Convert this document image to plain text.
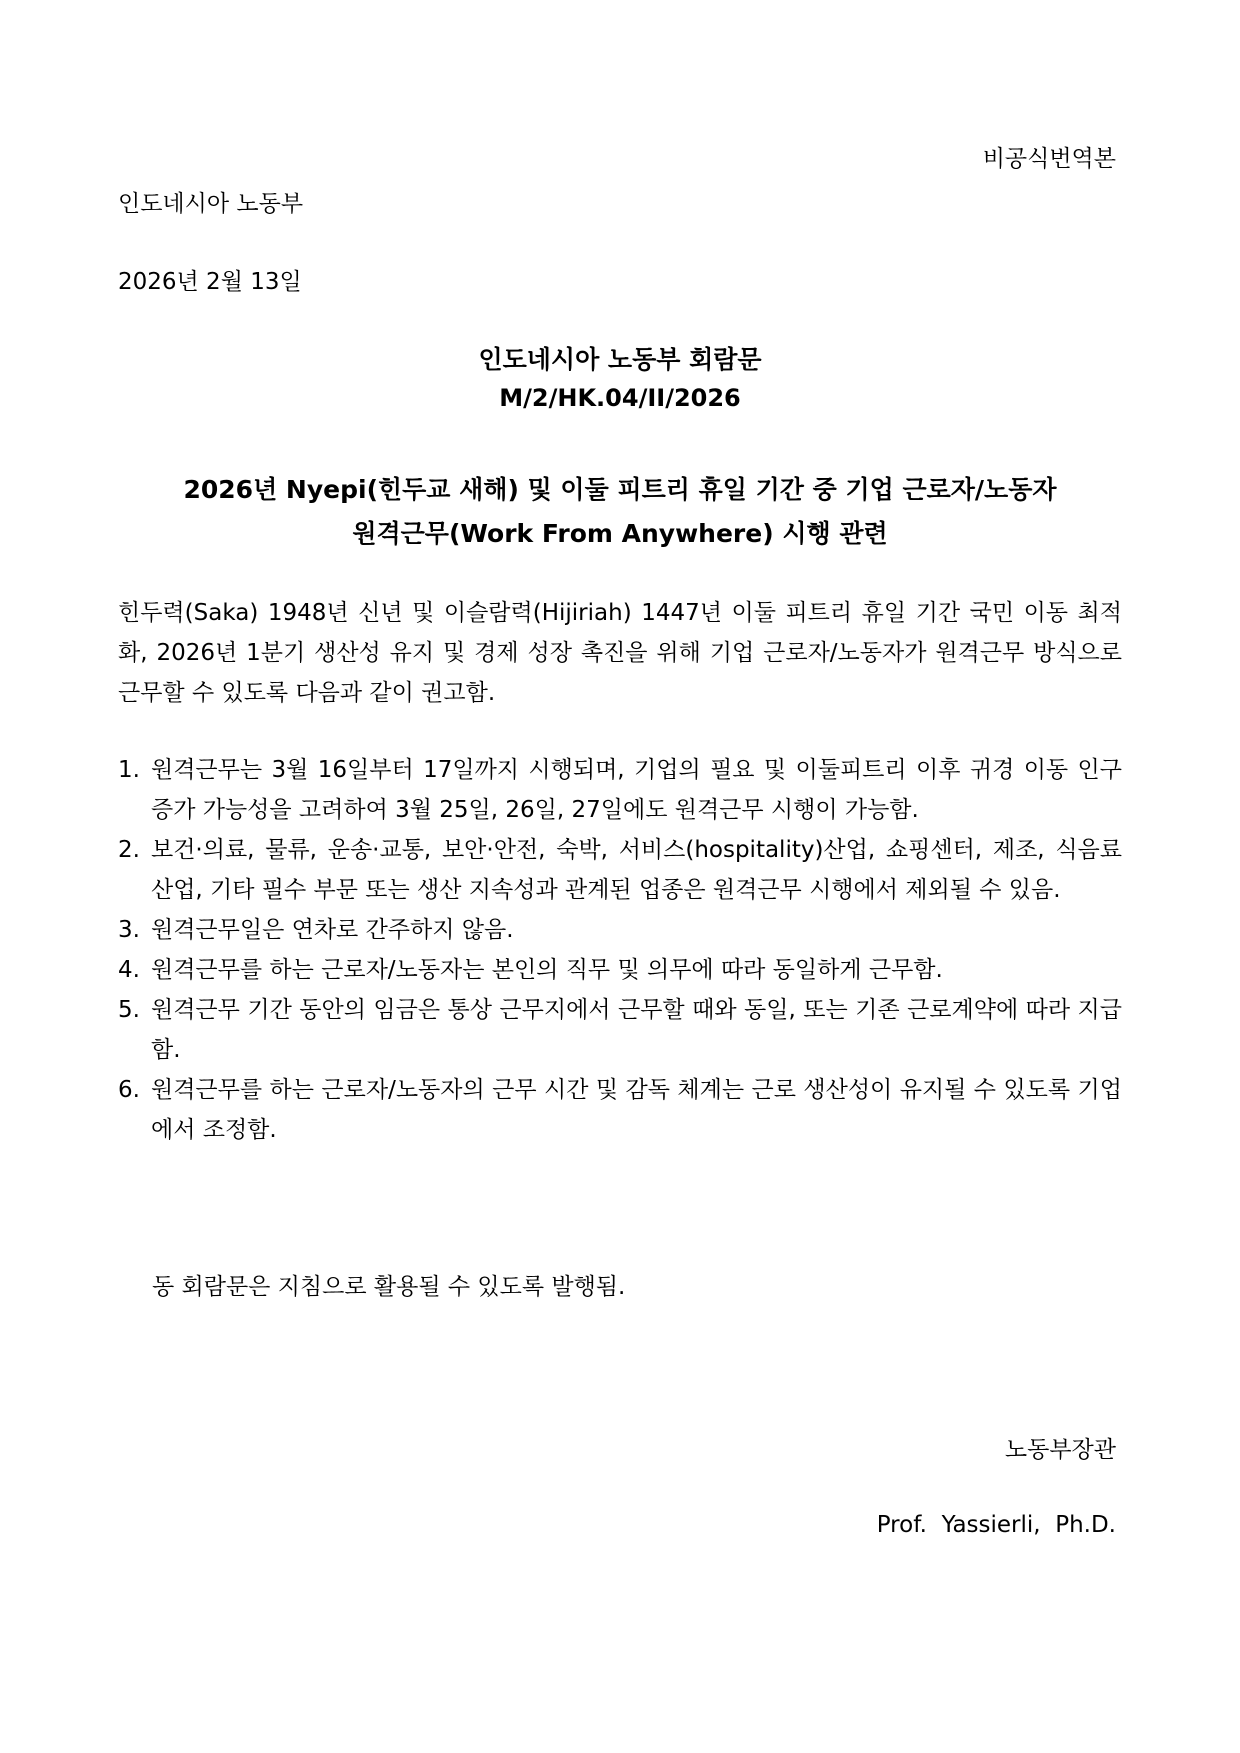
비공식번역본
인도네시아 노동부
2026년 2월 13일
인도네시아 노동부 회람문
M/2/HK.04/II/2026
2026년 Nyepi(힌두교 새해) 및 이둘 피트리 휴일 기간 중 기업 근로자/노동자
원격근무(Work From Anywhere) 시행 관련

힌두력(Saka) 1948년 신년 및 이슬람력(Hijiriah) 1447년 이둘 피트리 휴일 기간 국민 이동 최적화, 2026년 1분기 생산성 유지 및 경제 성장 촉진을 위해 기업 근로자/노동자가 원격근무 방식으로 근무할 수 있도록 다음과 같이 권고함.

1. 원격근무는 3월 16일부터 17일까지 시행되며, 기업의 필요 및 이둘피트리 이후 귀경 이동 인구 증가 가능성을 고려하여 3월 25일, 26일, 27일에도 원격근무 시행이 가능함.
2. 보건·의료, 물류, 운송·교통, 보안·안전, 숙박, 서비스(hospitality)산업, 쇼핑센터, 제조, 식음료 산업, 기타 필수 부문 또는 생산 지속성과 관계된 업종은 원격근무 시행에서 제외될 수 있음.
3. 원격근무일은 연차로 간주하지 않음.
4. 원격근무를 하는 근로자/노동자는 본인의 직무 및 의무에 따라 동일하게 근무함.
5. 원격근무 기간 동안의 임금은 통상 근무지에서 근무할 때와 동일, 또는 기존 근로계약에 따라 지급함.
6. 원격근무를 하는 근로자/노동자의 근무 시간 및 감독 체계는 근로 생산성이 유지될 수 있도록 기업에서 조정함.
동 회람문은 지침으로 활용될 수 있도록 발행됨.
노동부장관
Prof.  Yassierli,  Ph.D.
